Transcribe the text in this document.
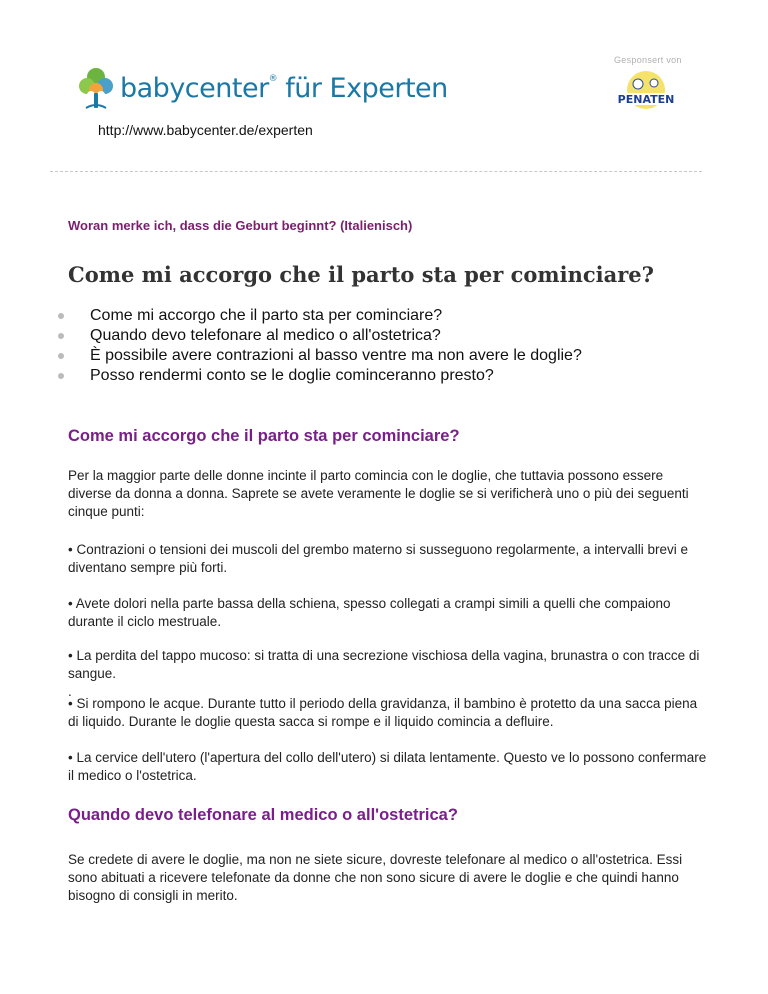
babycenter® für Experten
http://www.babycenter.de/experten
Gesponsert von
PENATEN
Woran merke ich, dass die Geburt beginnt? (Italienisch)
Come mi accorgo che il parto sta per cominciare?
Come mi accorgo che il parto sta per cominciare?
Quando devo telefonare al medico o all'ostetrica?
È possibile avere contrazioni al basso ventre ma non avere le doglie?
Posso rendermi conto se le doglie cominceranno presto?
Come mi accorgo che il parto sta per cominciare?

Per la maggior parte delle donne incinte il parto comincia con le doglie, che tuttavia possono essere diverse da donna a donna. Saprete se avete veramente le doglie se si verificherà uno o più dei seguenti cinque punti:

• Contrazioni o tensioni dei muscoli del grembo materno si susseguono regolarmente, a intervalli brevi e diventano sempre più forti.

• Avete dolori nella parte bassa della schiena, spesso collegati a crampi simili a quelli che compaiono durante il ciclo mestruale.

• La perdita del tappo mucoso: si tratta di una secrezione vischiosa della vagina, brunastra o con tracce di sangue.

.

• Si rompono le acque. Durante tutto il periodo della gravidanza, il bambino è protetto da una sacca piena di liquido. Durante le doglie questa sacca si rompe e il liquido comincia a defluire.

• La cervice dell'utero (l'apertura del collo dell'utero) si dilata lentamente. Questo ve lo possono confermare il medico o l'ostetrica.

Quando devo telefonare al medico o all'ostetrica?

Se credete di avere le doglie, ma non ne siete sicure, dovreste telefonare al medico o all'ostetrica. Essi sono abituati a ricevere telefonate da donne che non sono sicure di avere le doglie e che quindi hanno bisogno di consigli in merito.
